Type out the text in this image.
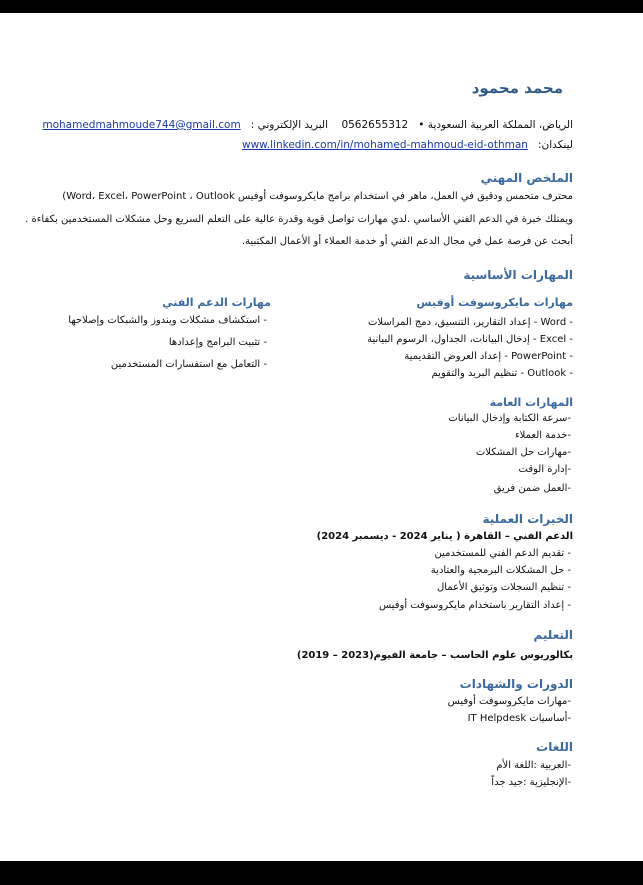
محمد محمود
الرياض، المملكة العربية السعودية •   0562655312    البريد الإلكتروني :   mohamedmahmoude744@gmail.com
لينكدان:   www.linkedin.com/in/mohamed-mahmoud-eid-othman
الملخص المهني
محترف متحمس ودقيق في العمل، ماهر في استخدام برامج مايكروسوفت أوفيس Word، Excel، PowerPoint ، Outlook)
ويمتلك خبرة في الدعم الفني الأساسي .لدي مهارات تواصل قوية وقدرة عالية على التعلم السريع وحل مشكلات المستخدمين بكفاءة .
أبحث عن فرصة عمل في مجال الدعم الفني أو خدمة العملاء أو الأعمال المكتبية.
المهارات الأساسية
مهارات مايكروسوفت أوفيس
- Word - إعداد التقارير، التنسيق، دمج المراسلات
- Excel - إدخال البيانات، الجداول، الرسوم البيانية
- PowerPoint - إعداد العروض التقديمية
- Outlook - تنظيم البريد والتقويم
مهارات الدعم الفني
- استكشاف مشكلات ويندوز والشبكات وإصلاحها
- تثبيت البرامج وإعدادها
- التعامل مع استفسارات المستخدمين
المهارات العامة
-سرعة الكتابة وإدخال البيانات
-خدمة العملاء
-مهارات حل المشكلات
-إدارة الوقت
-العمل ضمن فريق
الخبرات العملية
الدعم الفني – القاهرة ( يناير 2024 - ديسمبر 2024)
- تقديم الدعم الفني للمستخدمين
- حل المشكلات البرمجية والعتادية
- تنظيم السجلات وتوثيق الأعمال
- إعداد التقارير باستخدام مايكروسوفت أوفيس
التعليم
بكالوريوس علوم الحاسب – جامعة الفيوم(2023 – 2019)
الدورات والشهادات
-مهارات مايكروسوفت أوفيس
-أساسيات IT Helpdesk
اللغات
-العربية :اللغة الأم
-الإنجليزية :جيد جداً
